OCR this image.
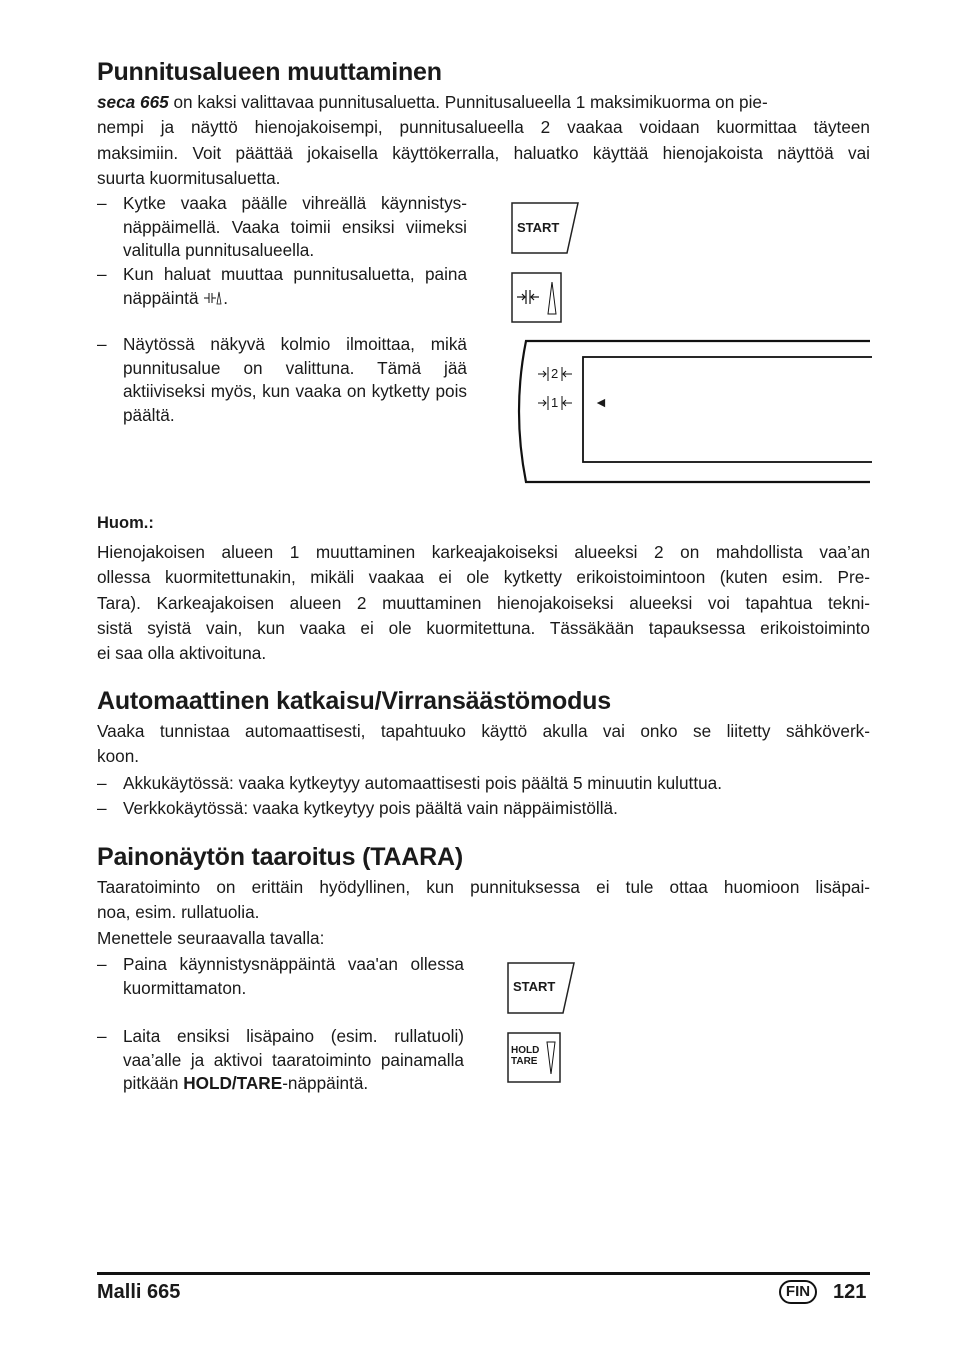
Punnitusalueen muuttaminen
seca 665 on kaksi valittavaa punnitusaluetta. Punnitusalueella 1 maksimikuorma on pie-
nempi ja näyttö hienojakoisempi, punnitusalueella 2 vaakaa voidaan kuormittaa täyteen
maksimiin. Voit päättää jokaisella käyttökerralla, haluatko käyttää hienojakoista näyttöä vai
suurta kuormitusaluetta.
– Kytke vaaka päälle vihreällä käynnistys-näppäimellä. Vaaka toimii ensiksi viimeksi valitulla punnitusalueella.

– Kun haluat muuttaa punnitusaluetta, paina näppäintä .

– Näytössä näkyvä kolmio ilmoittaa, mikä punnitusalue on valittuna. Tämä jää aktiiviseksi myös, kun vaaka on kytketty pois päältä.

START
2
1	◄
Huom.:
Hienojakoisen alueen 1 muuttaminen karkeajakoiseksi alueeksi 2 on mahdollista vaa’an
ollessa kuormitettunakin, mikäli vaakaa ei ole kytketty erikoistoimintoon (kuten esim. Pre-
Tara). Karkeajakoisen alueen 2 muuttaminen hienojakoiseksi alueeksi voi tapahtua tekni-
sistä syistä vain, kun vaaka ei ole kuormitettuna. Tässäkään tapauksessa erikoistoiminto
ei saa olla aktivoituna.
Automaattinen katkaisu/Virransäästömodus
Vaaka tunnistaa automaattisesti, tapahtuuko käyttö akulla vai onko se liitetty sähköverk-
koon.
– Akkukäytössä: vaaka kytkeytyy automaattisesti pois päältä 5 minuutin kuluttua.

– Verkkokäytössä: vaaka kytkeytyy pois päältä vain näppäimistöllä.

Painonäytön taaroitus (TAARA)
Taaratoiminto on erittäin hyödyllinen, kun punnituksessa ei tule ottaa huomioon lisäpai-
noa, esim. rullatuolia.
Menettele seuraavalla tavalla:
– Paina käynnistysnäppäintä vaa'an ollessa kuormittamaton.

– Laita ensiksi lisäpaino (esim. rullatuoli) vaa’alle ja aktivoi taaratoiminto painamalla pitkään HOLD/TARE-näppäintä.

START
HOLD
TARE
Malli 665	FIN	121
